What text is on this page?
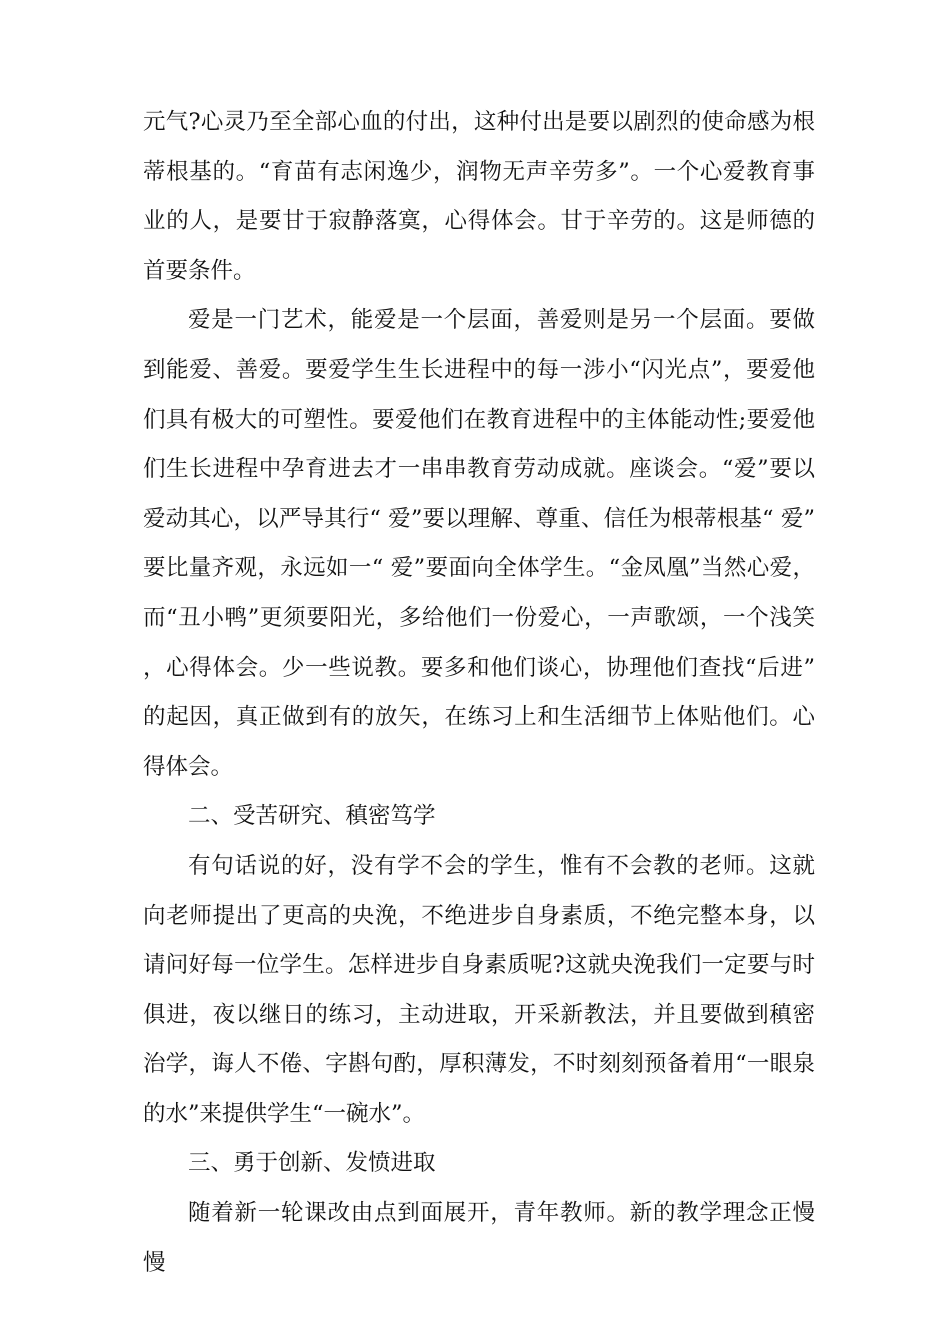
元气?心灵乃至全部心血的付出，这种付出是要以剧烈的使命感为根蒂根基的。“育苗有志闲逸少，润物无声辛劳多”。一个心爱教育事业的人，是要甘于寂静落寞，心得体会。甘于辛劳的。这是师德的首要条件。

爱是一门艺术，能爱是一个层面，善爱则是另一个层面。要做到能爱、善爱。要爱学生生长进程中的每一涉小“闪光点”，要爱他们具有极大的可塑性。要爱他们在教育进程中的主体能动性;要爱他们生长进程中孕育进去才一串串教育劳动成就。座谈会。“爱”要以爱动其心，以严导其行“ 爱”要以理解、尊重、信任为根蒂根基“ 爱”要比量齐观，永远如一“ 爱”要面向全体学生。“金凤凰”当然心爱，而“丑小鸭”更须要阳光，多给他们一份爱心，一声歌颂，一个浅笑，心得体会。少一些说教。要多和他们谈心，协理他们查找“后进”的起因，真正做到有的放矢，在练习上和生活细节上体贴他们。心得体会。

二、受苦研究、稹密笃学

有句话说的好，没有学不会的学生，惟有不会教的老师。这就向老师提出了更高的央浼，不绝进步自身素质，不绝完整本身，以请问好每一位学生。怎样进步自身素质呢?这就央浼我们一定要与时俱进，夜以继日的练习，主动进取，开采新教法，并且要做到稹密治学，诲人不倦、字斟句酌，厚积薄发，不时刻刻预备着用“一眼泉的水”来提供学生“一碗水”。

三、勇于创新、发愤进取

随着新一轮课改由点到面展开，青年教师。新的教学理念正慢慢
